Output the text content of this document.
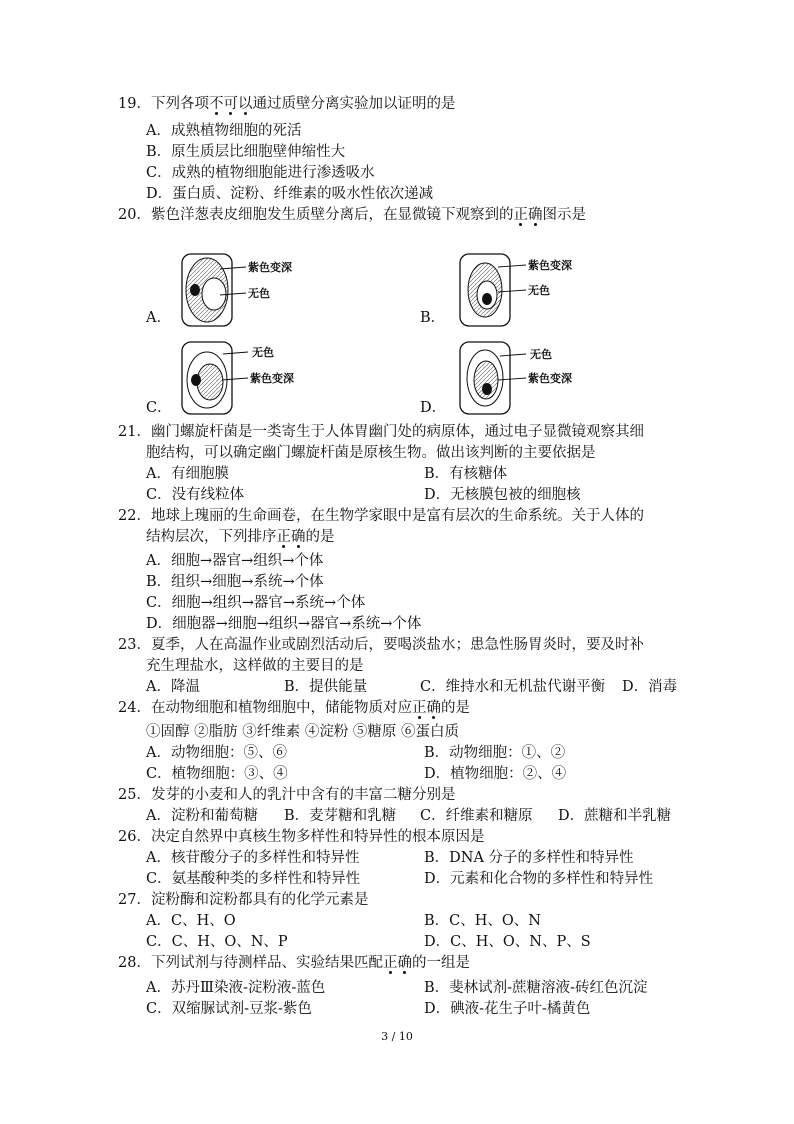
19．下列各项不
可
以
通过质壁分离实验加以证明的是
A．成熟植物细胞的死活
B．原生质层比细胞壁伸缩性大
C．成熟的植物细胞能进行渗透吸水
D．蛋白质、淀粉、纤维素的吸水性依次递减
20．紫色洋葱表皮细胞发生质壁分离后，在显微镜下观察到的正
确
图示是
A．
紫色变深
无色
B．
紫色变深
无色
C．
无色
紫色变深
D．
无色
紫色变深
21．幽门螺旋杆菌是一类寄生于人体胃幽门处的病原体，通过电子显微镜观察其细
胞结构，可以确定幽门螺旋杆菌是原核生物。做出该判断的主要依据是
A．有细胞膜	B．有核糖体
C．没有线粒体	D．无核膜包被的细胞核
22．地球上瑰丽的生命画卷，在生物学家眼中是富有层次的生命系统。关于人体的
结构层次，下列排序正
确
的是
A．细胞→器官→组织→个体
B．组织→细胞→系统→个体
C．细胞→组织→器官→系统→个体
D．细胞器→细胞→组织→器官→系统→个体
23．夏季，人在高温作业或剧烈活动后，要喝淡盐水；患急性肠胃炎时，要及时补
充生理盐水，这样做的主要目的是
A．降温	B．提供能量	C．维持水和无机盐代谢平衡 D．消毒
24．在动物细胞和植物细胞中，储能物质对应正
确
的是
①固醇 ②脂肪 ③纤维素 ④淀粉 ⑤糖原 ⑥蛋白质
A．动物细胞：⑤、⑥	B．动物细胞：①、②
C．植物细胞：③、④	D．植物细胞：②、④
25．发芽的小麦和人的乳汁中含有的丰富二糖分别是
A．淀粉和葡萄糖 B．麦芽糖和乳糖 C．纤维素和糖原 D．蔗糖和半乳糖
26．决定自然界中真核生物多样性和特异性的根本原因是
A．核苷酸分子的多样性和特异性	B．DNA 分子的多样性和特异性
C．氨基酸种类的多样性和特异性	D．元素和化合物的多样性和特异性
27．淀粉酶和淀粉都具有的化学元素是
A．C、H、O	B．C、H、O、N
C．C、H、O、N、P	D．C、H、O、N、P、S
28．下列试剂与待测样品、实验结果匹配正
确
的一组是
A．苏丹Ⅲ染液-淀粉液-蓝色	B．斐林试剂-蔗糖溶液-砖红色沉淀
C．双缩脲试剂-豆浆-紫色	D．碘液-花生子叶-橘黄色
3 / 10
